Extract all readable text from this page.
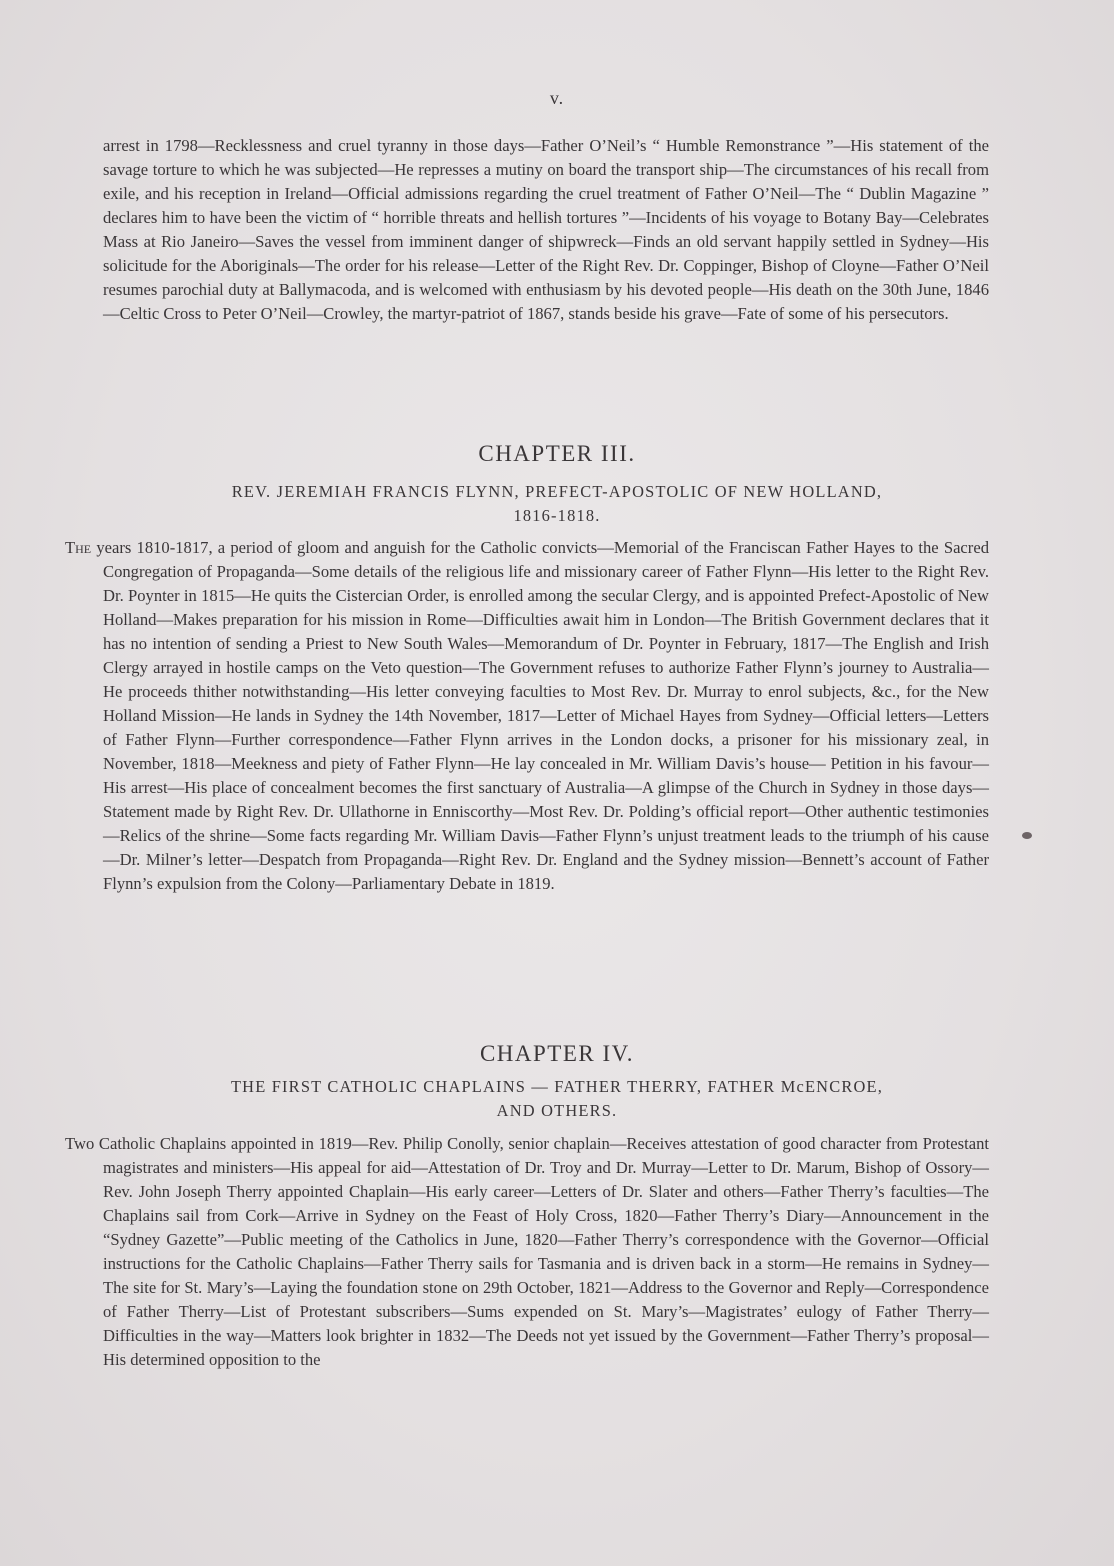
v.

arrest in 1798—Recklessness and cruel tyranny in those days—Father O’Neil’s “ Humble Remonstrance ”—His statement of the savage torture to which he was subjected—He represses a mutiny on board the transport ship—The circumstances of his recall from exile, and his reception in Ireland—Official admissions regarding the cruel treatment of Father O’Neil—The “ Dublin Magazine ” declares him to have been the victim of “ horrible threats and hellish tortures ”—Incidents of his voyage to Botany Bay—Celebrates Mass at Rio Janeiro—Saves the vessel from imminent danger of shipwreck—Finds an old servant happily settled in Sydney—His solicitude for the Aboriginals—The order for his release—Letter of the Right Rev. Dr. Coppinger, Bishop of Cloyne—Father O’Neil resumes parochial duty at Ballymacoda, and is welcomed with enthusiasm by his devoted people—His death on the 30th June, 1846—Celtic Cross to Peter O’Neil—Crowley, the martyr-patriot of 1867, stands beside his grave—Fate of some of his persecutors.

CHAPTER III.
REV. JEREMIAH FRANCIS FLYNN, PREFECT-APOSTOLIC OF NEW HOLLAND,
1816-1818.

The years 1810-1817, a period of gloom and anguish for the Catholic convicts—Memorial of the Franciscan Father Hayes to the Sacred Congregation of Propaganda—Some details of the religious life and missionary career of Father Flynn—His letter to the Right Rev. Dr. Poynter in 1815—He quits the Cistercian Order, is enrolled among the secular Clergy, and is appointed Prefect-Apostolic of New Holland—Makes preparation for his mission in Rome—Difficulties await him in London—The British Government declares that it has no intention of sending a Priest to New South Wales—Memorandum of Dr. Poynter in February, 1817—The English and Irish Clergy arrayed in hostile camps on the Veto question—The Government refuses to authorize Father Flynn’s journey to Australia—He proceeds thither notwithstanding—His letter conveying faculties to Most Rev. Dr. Murray to enrol subjects, &c., for the New Holland Mission—He lands in Sydney the 14th November, 1817—Letter of Michael Hayes from Sydney—Official letters—Letters of Father Flynn—Further correspondence—Father Flynn arrives in the London docks, a prisoner for his missionary zeal, in November, 1818—Meekness and piety of Father Flynn—He lay concealed in Mr. William Davis’s house— Petition in his favour—His arrest—His place of concealment becomes the first sanctuary of Australia—A glimpse of the Church in Sydney in those days— Statement made by Right Rev. Dr. Ullathorne in Enniscorthy—Most Rev. Dr. Polding’s official report—Other authentic testimonies—Relics of the shrine—Some facts regarding Mr. William Davis—Father Flynn’s unjust treatment leads to the triumph of his cause—Dr. Milner’s letter—Despatch from Propaganda—Right Rev. Dr. England and the Sydney mission—Bennett’s account of Father Flynn’s expulsion from the Colony—Parliamentary Debate in 1819.

CHAPTER IV.
THE FIRST CATHOLIC CHAPLAINS — FATHER THERRY, FATHER McENCROE,
AND OTHERS.

Two Catholic Chaplains appointed in 1819—Rev. Philip Conolly, senior chaplain—Receives attestation of good character from Protestant magistrates and ministers—His appeal for aid—Attestation of Dr. Troy and Dr. Murray—Letter to Dr. Marum, Bishop of Ossory—Rev. John Joseph Therry appointed Chaplain—His early career—Letters of Dr. Slater and others—Father Therry’s faculties—The Chaplains sail from Cork—Arrive in Sydney on the Feast of Holy Cross, 1820—Father Therry’s Diary—Announcement in the “Sydney Gazette”—Public meeting of the Catholics in June, 1820—Father Therry’s correspondence with the Governor—Official instructions for the Catholic Chaplains—Father Therry sails for Tasmania and is driven back in a storm—He remains in Sydney—The site for St. Mary’s—Laying the foundation stone on 29th October, 1821—Address to the Governor and Reply—Correspondence of Father Therry—List of Protestant subscribers—Sums expended on St. Mary’s—Magistrates’ eulogy of Father Therry—Difficulties in the way—Matters look brighter in 1832—The Deeds not yet issued by the Government—Father Therry’s proposal—His determined opposition to the
